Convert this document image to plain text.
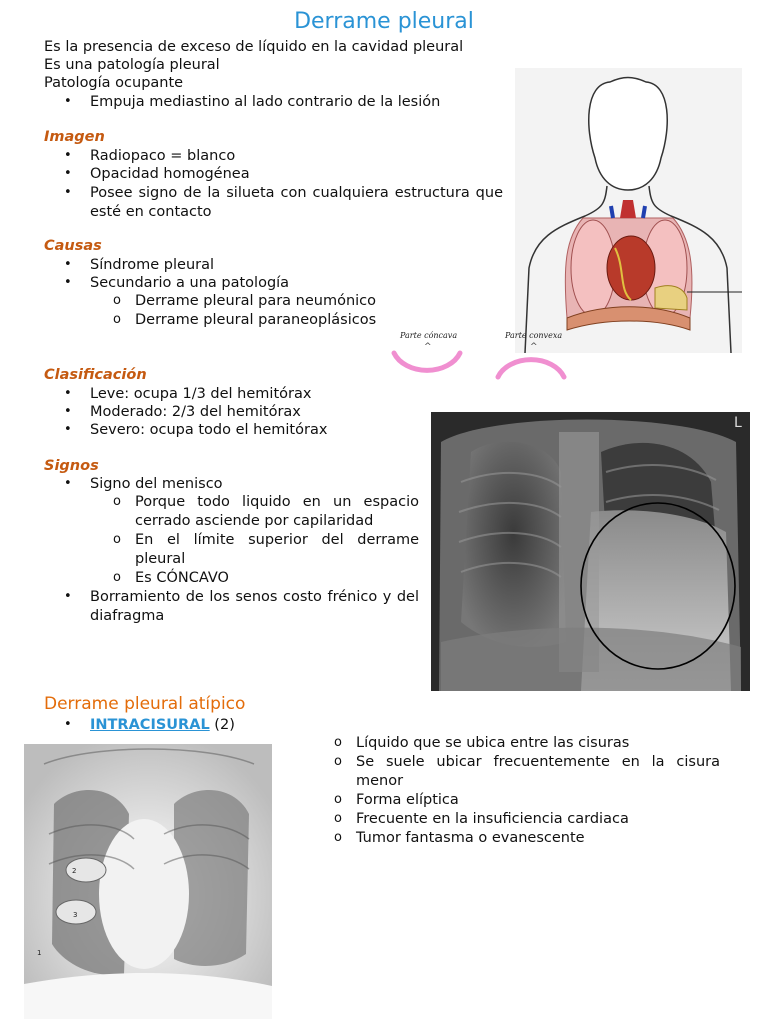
Derrame pleural
Es la presencia de exceso de líquido en la cavidad pleural
Es una patología pleural
Patología ocupante
• Empuja mediastino al lado contrario de la lesión
Imagen
• Radiopaco = blanco
• Opacidad homogénea
• Posee signo de la silueta con cualquiera estructura que esté en contacto
Causas
• Síndrome pleural
• Secundario a una patología
o Derrame pleural para neumónico
o Derrame pleural paraneoplásicos
Clasificación
• Leve: ocupa 1/3 del hemitórax
• Moderado: 2/3 del hemitórax
• Severo: ocupa todo el hemitórax
Signos
• Signo del menisco
o Porque todo liquido en un espacio cerrado asciende por capilaridad
o En el límite superior del derrame pleural
o Es CÓNCAVO
• Borramiento de los senos costo frénico y del diafragma
Parte cóncava	Parte convexa
^	^
L
Derrame pleural atípico
• INTRACISURAL (2)
2
3
1
o Líquido que se ubica entre las cisuras
o Se suele ubicar frecuentemente en la cisura menor
o Forma elíptica
o Frecuente en la insuficiencia cardiaca
o Tumor fantasma o evanescente
